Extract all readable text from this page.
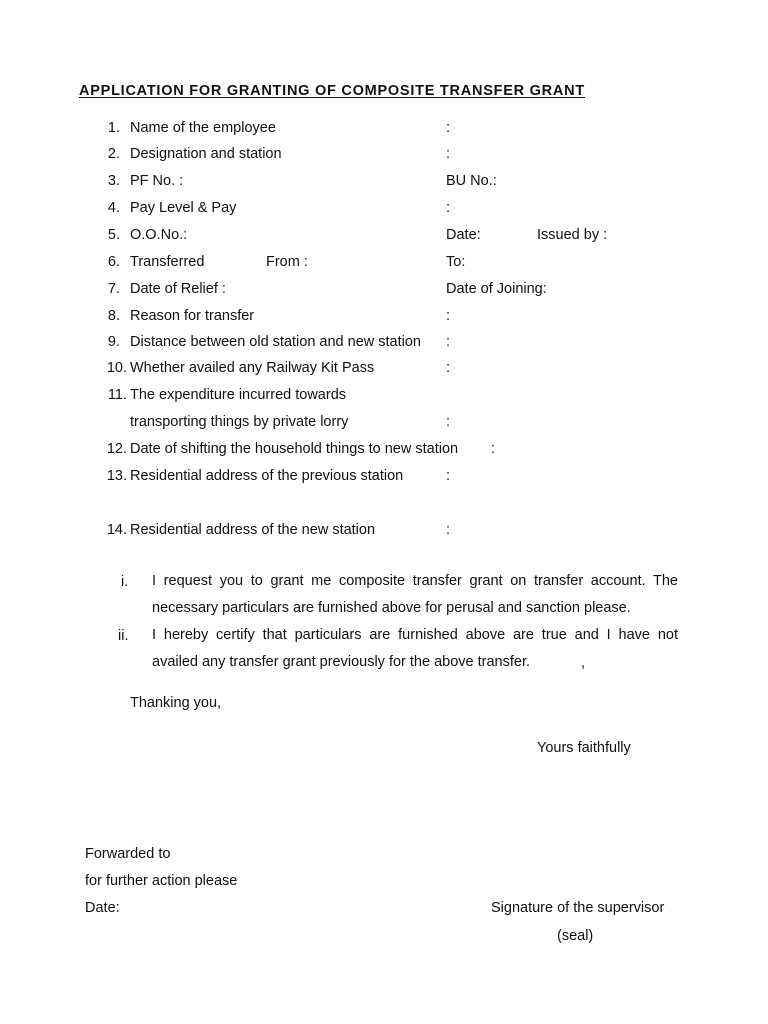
APPLICATION FOR GRANTING OF COMPOSITE TRANSFER GRANT
1. Name of the employee	:
2. Designation and station	:
3. PF No. :	BU No.:
4. Pay Level & Pay	:
5. O.O.No.:	Date:	Issued by :
6. Transferred	From :	To:
7. Date of Relief :	Date of Joining:
8. Reason for transfer	:
9. Distance between old station and new station :
10. Whether availed any Railway Kit Pass	:
11. The expenditure incurred towards
transporting things by private lorry	:
12. Date of shifting the household things to new station :
13. Residential address of the previous station	:
14. Residential address of the new station	:
i. I request you to grant me composite transfer grant on transfer account. The necessary particulars are furnished above for perusal and sanction please.
ii. I hereby certify that particulars are furnished above are true and I have not availed any transfer grant previously for the above transfer.	,
Thanking you,
Yours faithfully
Forwarded to
for further action please
Date:	Signature of the supervisor
(seal)
